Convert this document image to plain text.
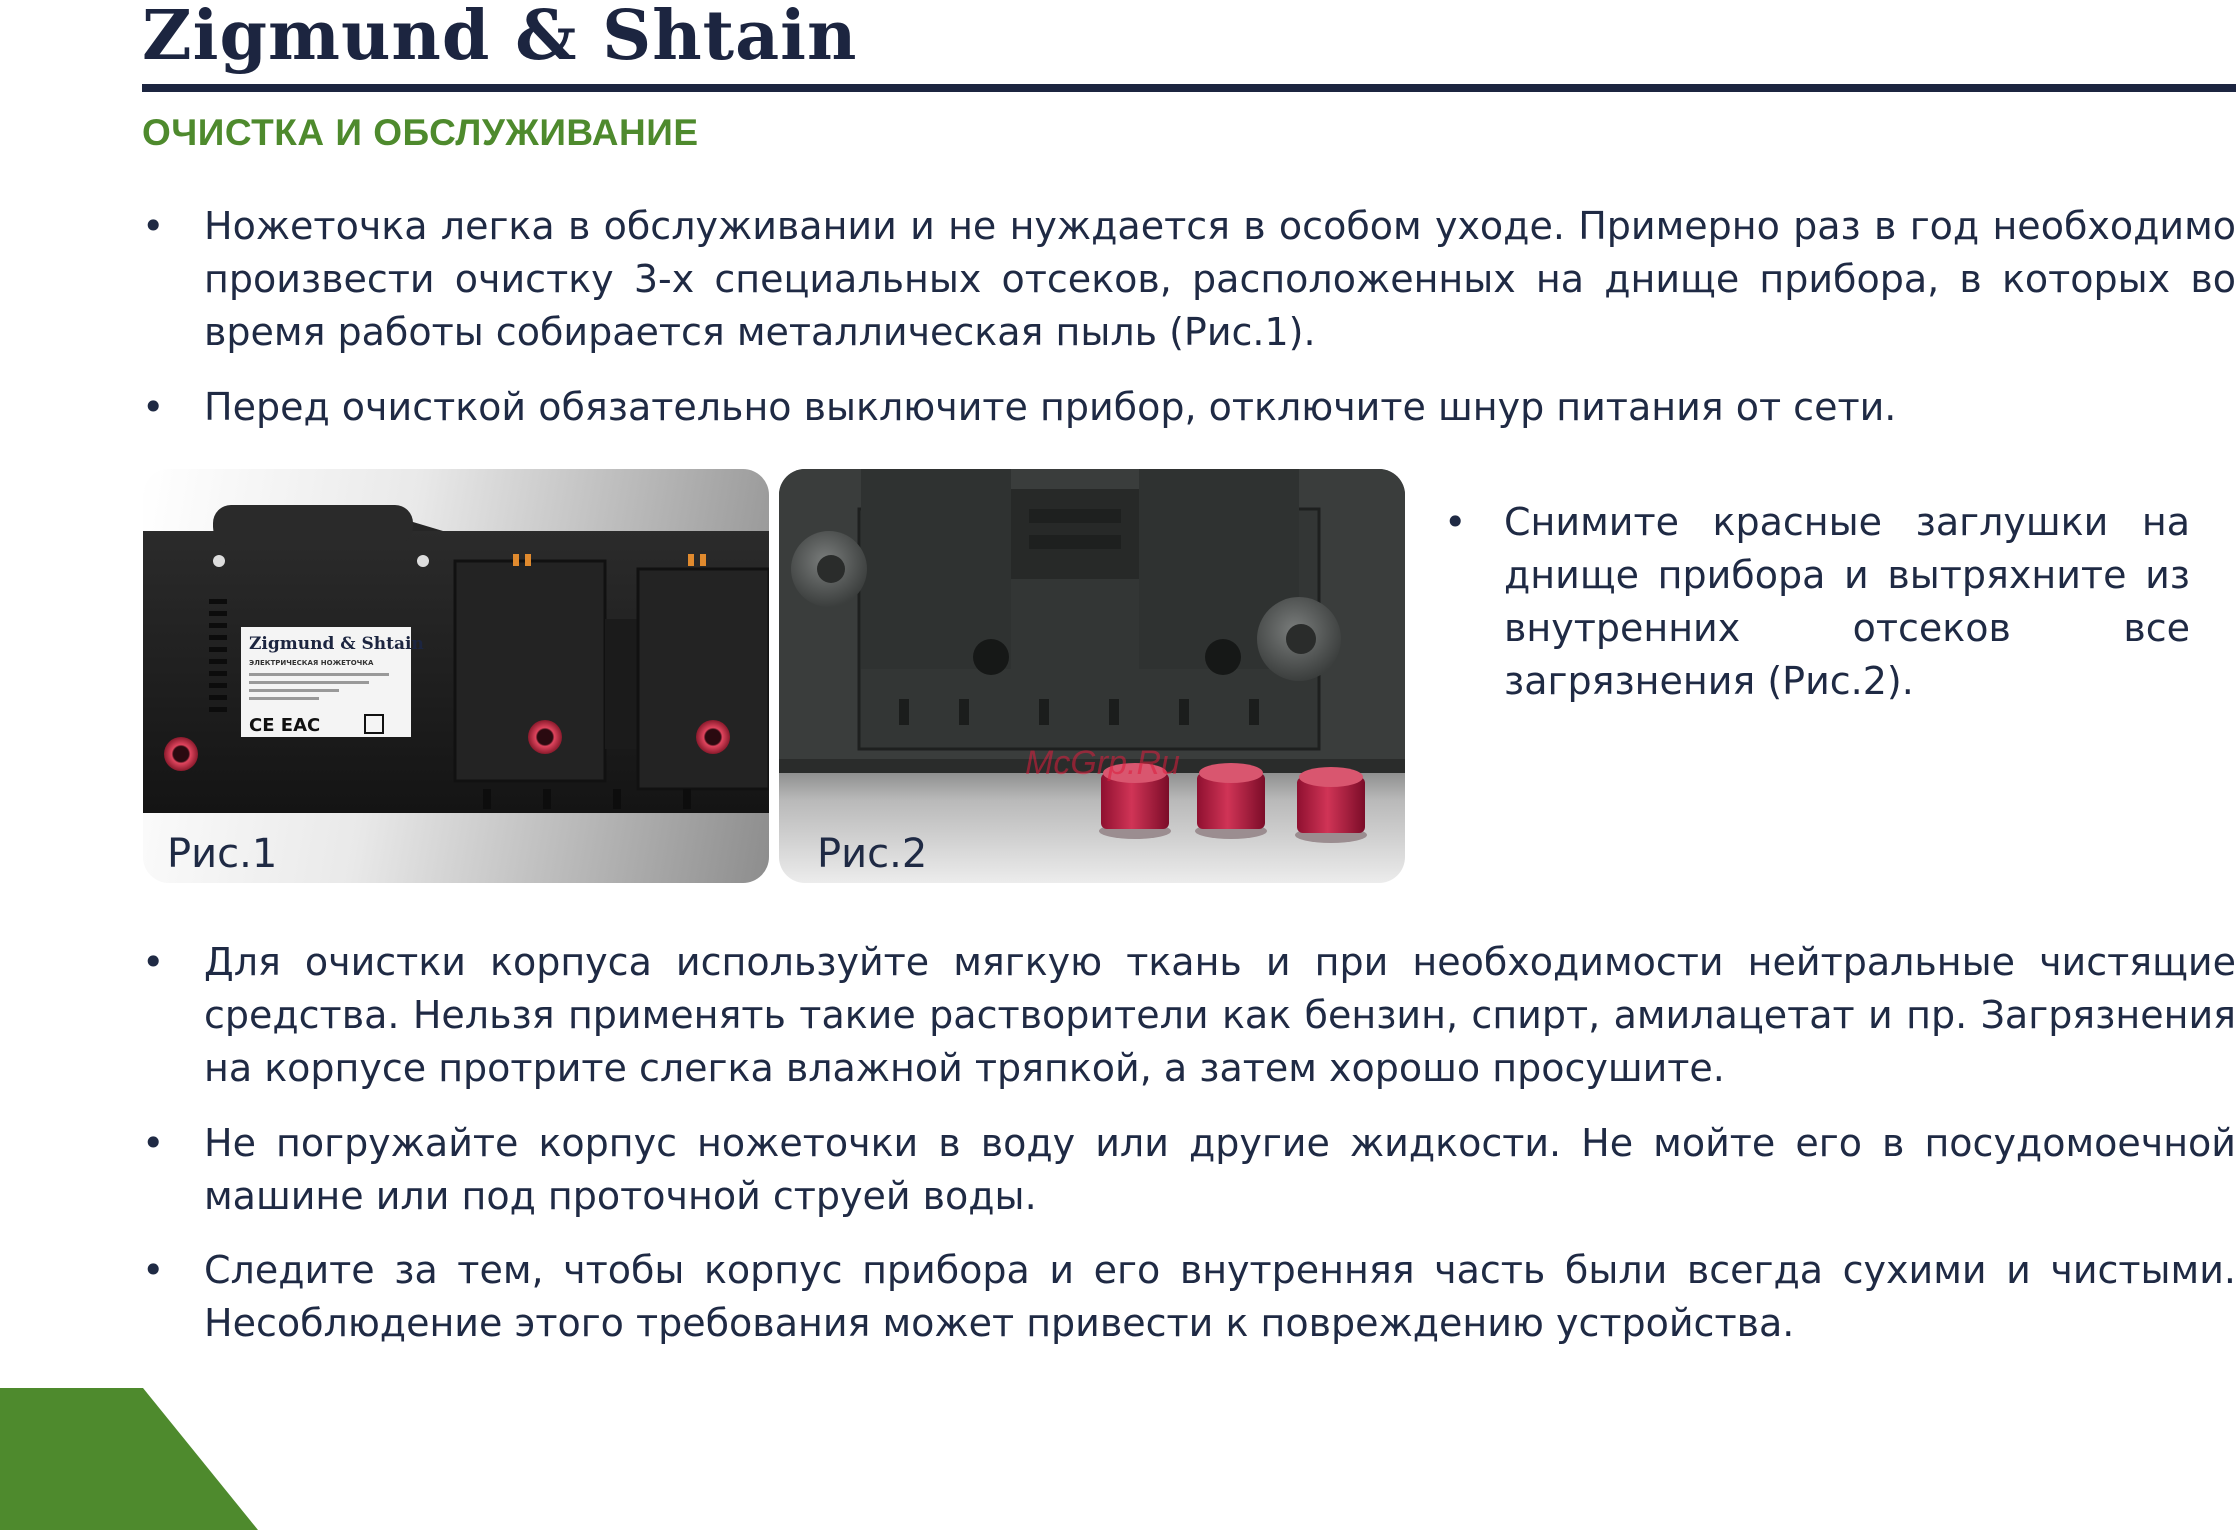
Zigmund & Shtain
ОЧИСТКА И ОБСЛУЖИВАНИЕ
•	Ножеточка легка в обслуживании и не нуждается в особом уходе. Примерно раз в год необходимо произвести очистку 3-х специальных отсеков, расположенных на днище прибора, в которых во время работы собирается металлическая пыль (Рис.1).
•	Перед очисткой обязательно выключите прибор, отключите шнур питания от сети.
Zigmund & Shtain
ЭЛЕКТРИЧЕСКАЯ НОЖЕТОЧКА
CE EAC
Рис.1	Рис.2
McGrp.Ru
• Снимите красные заглушки на днище прибора и вытряхните из внутренних отсеков все загрязнения (Рис.2).
•	Для очистки корпуса используйте мягкую ткань и при необходимости нейтральные чистящие средства. Нельзя применять такие растворители как бензин, спирт, амилацетат и пр. Загрязнения на корпусе протрите слегка влажной тряпкой, а затем хорошо просушите.
•	Не погружайте корпус ножеточки в воду или другие жидкости. Не мойте его в посудомоечной машине или под проточной струей воды.
•	Следите за тем, чтобы корпус прибора и его внутренняя часть были всегда сухими и чистыми. Несоблюдение этого требования может привести к повреждению устройства.
